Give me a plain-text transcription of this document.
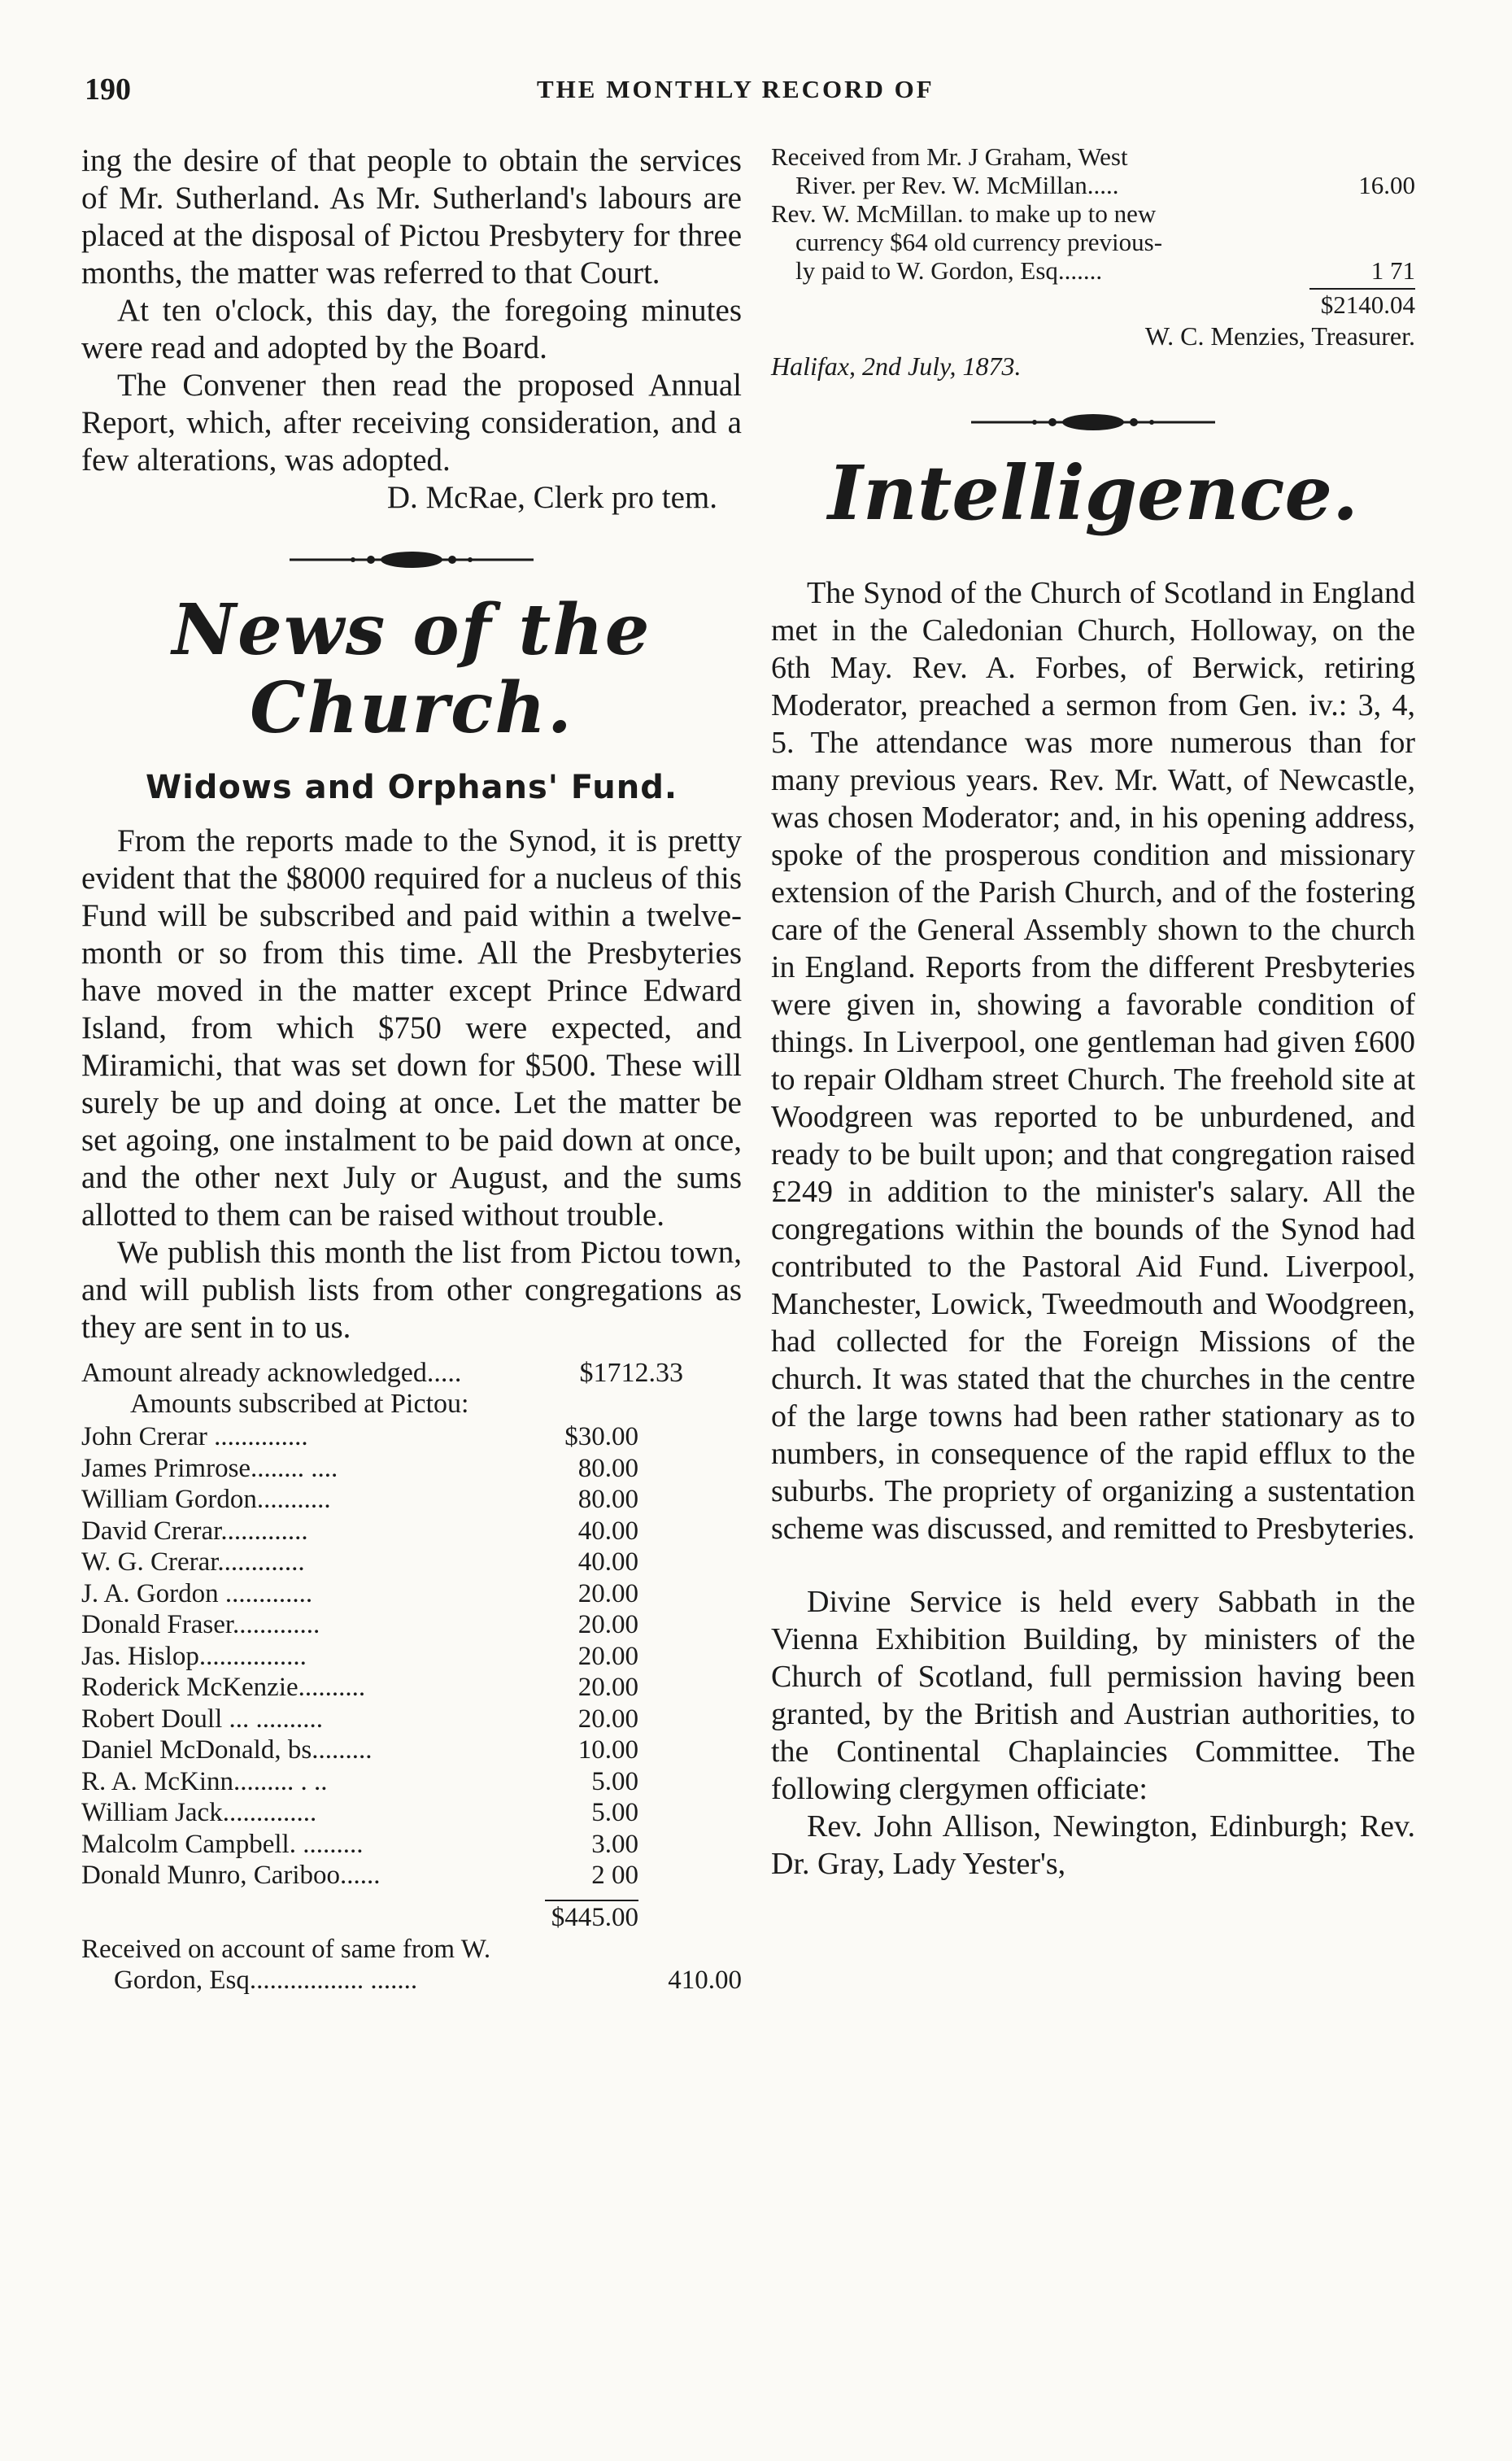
190	THE MONTHLY RECORD OF

ing the desire of that people to obtain the services of Mr. Sutherland. As Mr. Sutherland's labours are placed at the disposal of Pictou Presbytery for three months, the matter was referred to that Court.

At ten o'clock, this day, the foregoing minutes were read and adopted by the Board.

The Convener then read the proposed Annual Report, which, after receiving consideration, and a few alterations, was adopted.

D. McRae, Clerk pro tem.

News of the Church.
Widows and Orphans' Fund.

From the reports made to the Synod, it is pretty evident that the $8000 required for a nucleus of this Fund will be subscribed and paid within a twelve-month or so from this time. All the Presbyteries have moved in the matter except Prince Edward Island, from which $750 were expected, and Miramichi, that was set down for $500. These will surely be up and doing at once. Let the matter be set agoing, one instalment to be paid down at once, and the other next July or August, and the sums allotted to them can be raised without trouble.

We publish this month the list from Pictou town, and will publish lists from other congregations as they are sent in to us.

Amount already acknowledged.....	$1712.33
Amounts subscribed at Pictou:
John Crerar ..............	$30.00
James Primrose........ ....	80.00
William Gordon...........	80.00
David Crerar.............	40.00
W. G. Crerar.............	40.00
J. A. Gordon .............	20.00
Donald Fraser.............	20.00
Jas. Hislop................	20.00
Roderick McKenzie..........	20.00
Robert Doull ... ..........	20.00
Daniel McDonald, bs.........	10.00
R. A. McKinn......... . ..	5.00
William Jack..............	5.00
Malcolm Campbell. .........	3.00
Donald Munro, Cariboo......	2 00
$445.00
Received on account of same from W.
Gordon, Esq................. .......	410.00
Received from Mr. J Graham, West
River. per Rev. W. McMillan.....	16.00
Rev. W. McMillan. to make up to new
currency $64 old currency previous-
ly paid to W. Gordon, Esq.......	1 71
$2140.04
W. C. Menzies, Treasurer.
Halifax, 2nd July, 1873.
Intelligence.

The Synod of the Church of Scotland in England met in the Caledonian Church, Holloway, on the 6th May. Rev. A. Forbes, of Berwick, retiring Moderator, preached a sermon from Gen. iv.: 3, 4, 5. The attendance was more numerous than for many previous years. Rev. Mr. Watt, of Newcastle, was chosen Moderator; and, in his opening address, spoke of the prosperous condition and missionary extension of the Parish Church, and of the fostering care of the General Assembly shown to the church in England. Reports from the different Presbyteries were given in, showing a favorable condition of things. In Liverpool, one gentleman had given £600 to repair Oldham street Church. The freehold site at Woodgreen was reported to be unburdened, and ready to be built upon; and that congregation raised £249 in addition to the minister's salary. All the congregations within the bounds of the Synod had contributed to the Pastoral Aid Fund. Liverpool, Manchester, Lowick, Tweedmouth and Woodgreen, had collected for the Foreign Missions of the church. It was stated that the churches in the centre of the large towns had been rather stationary as to numbers, in consequence of the rapid efflux to the suburbs. The propriety of organizing a sustentation scheme was discussed, and remitted to Presbyteries.

Divine Service is held every Sabbath in the Vienna Exhibition Building, by ministers of the Church of Scotland, full permission having been granted, by the British and Austrian authorities, to the Continental Chaplaincies Committee. The following clergymen officiate:

Rev. John Allison, Newington, Edinburgh; Rev. Dr. Gray, Lady Yester's,
